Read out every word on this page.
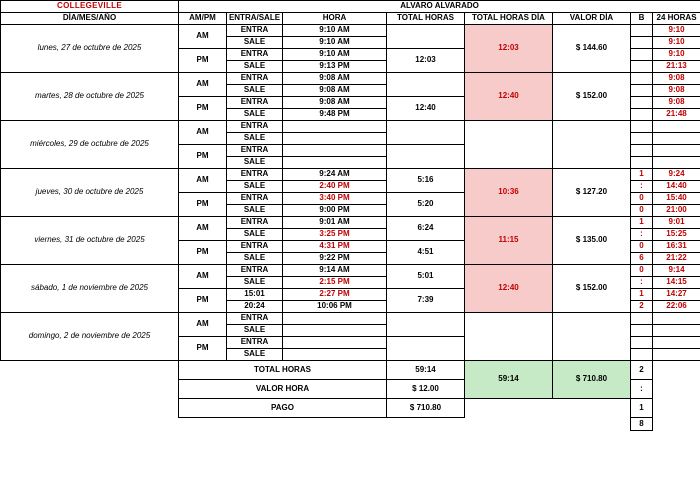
COLLEGEVILLE	ALVARO ALVARADO							
DÍA/MES/AÑO	AM/PM	ENTRA/SALE	HORA	TOTAL HORAS	TOTAL HORAS DÍA	VALOR DÍA	B	24 HORAS
lunes, 27 de octubre de 2025	AM	ENTRA	9:10 AM		12:03	$ 144.60		9:10
		SALE	9:10 AM					9:10
	PM	ENTRA	9:10 AM	12:03				9:10
		SALE	9:13 PM					21:13
martes, 28 de octubre de 2025	AM	ENTRA	9:08 AM		12:40	$ 152.00		9:08
		SALE	9:08 AM					9:08
	PM	ENTRA	9:08 AM	12:40				9:08
		SALE	9:48 PM					21:48
miércoles, 29 de octubre de 2025	AM	ENTRA						
		SALE						
	PM	ENTRA						
		SALE						
jueves, 30 de octubre de 2025	AM	ENTRA	9:24 AM	5:16	10:36	$ 127.20	1	9:24
		SALE	2:40 PM				:	14:40
	PM	ENTRA	3:40 PM	5:20			0	15:40
		SALE	9:00 PM				0	21:00
viernes, 31 de octubre de 2025	AM	ENTRA	9:01 AM	6:24	11:15	$ 135.00	1	9:01
		SALE	3:25 PM				:	15:25
	PM	ENTRA	4:31 PM	4:51			0	16:31
		SALE	9:22 PM				6	21:22
sábado, 1 de noviembre de 2025	AM	ENTRA	9:14 AM	5:01	12:40	$ 152.00	0	9:14
		SALE	2:15 PM				:	14:15
	PM	15:01	2:27 PM	7:39			1	14:27
		20:24	10:06 PM				2	22:06
domingo, 2 de noviembre de 2025	AM	ENTRA						
		SALE						
	PM	ENTRA						
		SALE						
	TOTAL HORAS			59:14	59:14	$ 710.80	2	
	VALOR HORA			$ 12.00			:	
	PAGO			$ 710.80			1	
							8	
